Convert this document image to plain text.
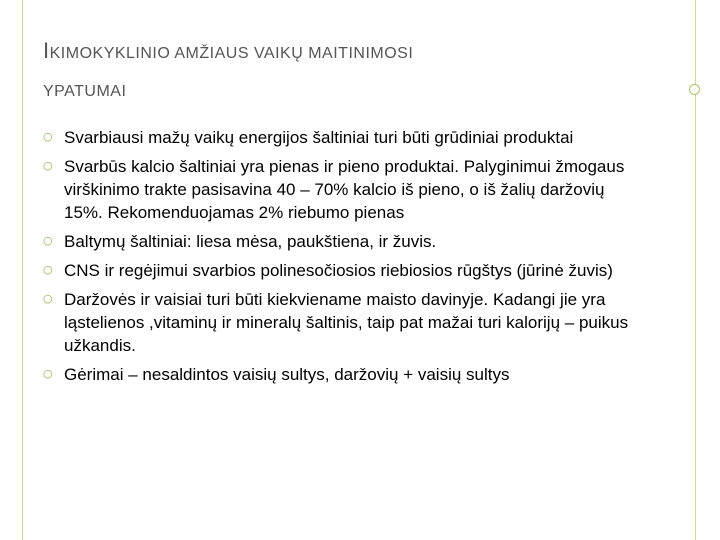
IKIMOKYKLINIO AMŽIAUS VAIKŲ MAITINIMOSI
YPATUMAI
○ Svarbiausi mažų vaikų energijos šaltiniai turi būti grūdiniai produktai
○ Svarbūs kalcio šaltiniai yra pienas ir pieno produktai. Palyginimui žmogaus virškinimo trakte pasisavina 40 – 70% kalcio iš pieno, o iš žalių daržovių 15%. Rekomenduojamas 2% riebumo pienas
○ Baltymų šaltiniai: liesa mėsa, paukštiena, ir žuvis.
○ CNS ir regėjimui svarbios polinesočiosios riebiosios rūgštys (jūrinė žuvis)
○ Daržovės ir vaisiai turi būti kiekviename maisto davinyje. Kadangi jie yra ląstelienos ,vitaminų ir mineralų šaltinis, taip pat mažai turi kalorijų – puikus užkandis.
○ Gėrimai – nesaldintos vaisių sultys, daržovių + vaisių sultys
